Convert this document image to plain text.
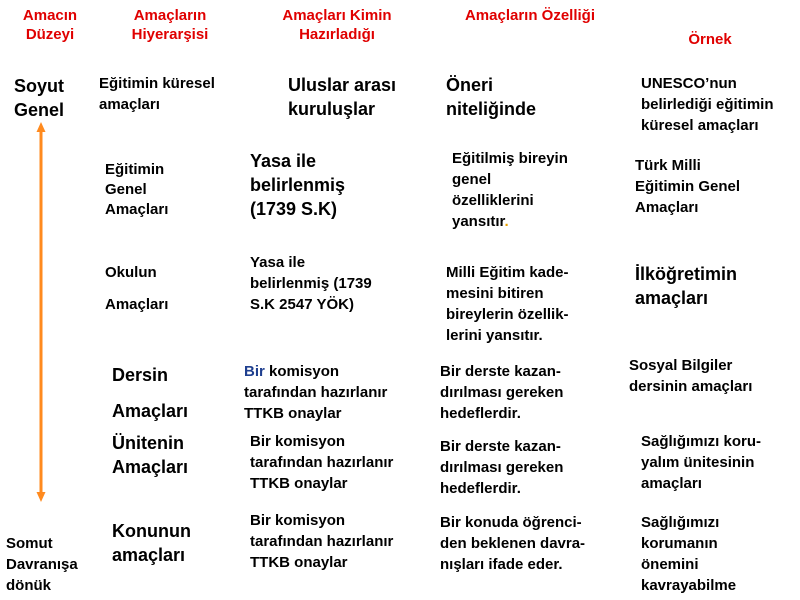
Amacın
Düzeyi
Amaçların
Hiyerarşisi
Amaçları Kimin
Hazırladığı
Amaçların Özelliği
Örnek
Soyut
Genel
Somut
Davranışa
dönük
Eğitimin küresel
amaçları
Uluslar arası
kuruluşlar
Öneri
niteliğinde
UNESCO’nun
belirlediği eğitimin
küresel amaçları
Eğitimin
Genel
Amaçları
Yasa ile
belirlenmiş
(1739 S.K)
Eğitilmiş bireyin
genel
özelliklerini
yansıtır.
Türk Milli
Eğitimin Genel
Amaçları
Okulun
Amaçları
Yasa ile
belirlenmiş (1739
S.K 2547 YÖK)
Milli Eğitim kade-
mesini bitiren
bireylerin özellik-
lerini yansıtır.
İlköğretimin
amaçları
Dersin
Amaçları
Bir komisyon
tarafından hazırlanır
TTKB onaylar
Bir derste kazan-
dırılması gereken
hedeflerdir.
Sosyal Bilgiler
dersinin amaçları
Ünitenin
Amaçları
Bir komisyon
tarafından hazırlanır
TTKB onaylar
Bir derste kazan-
dırılması gereken
hedeflerdir.
Sağlığımızı koru-
yalım ünitesinin
amaçları
Konunun
amaçları
Bir komisyon
tarafından hazırlanır
TTKB onaylar
Bir konuda öğrenci-
den beklenen davra-
nışları ifade eder.
Sağlığımızı
korumanın
önemini
kavrayabilme
